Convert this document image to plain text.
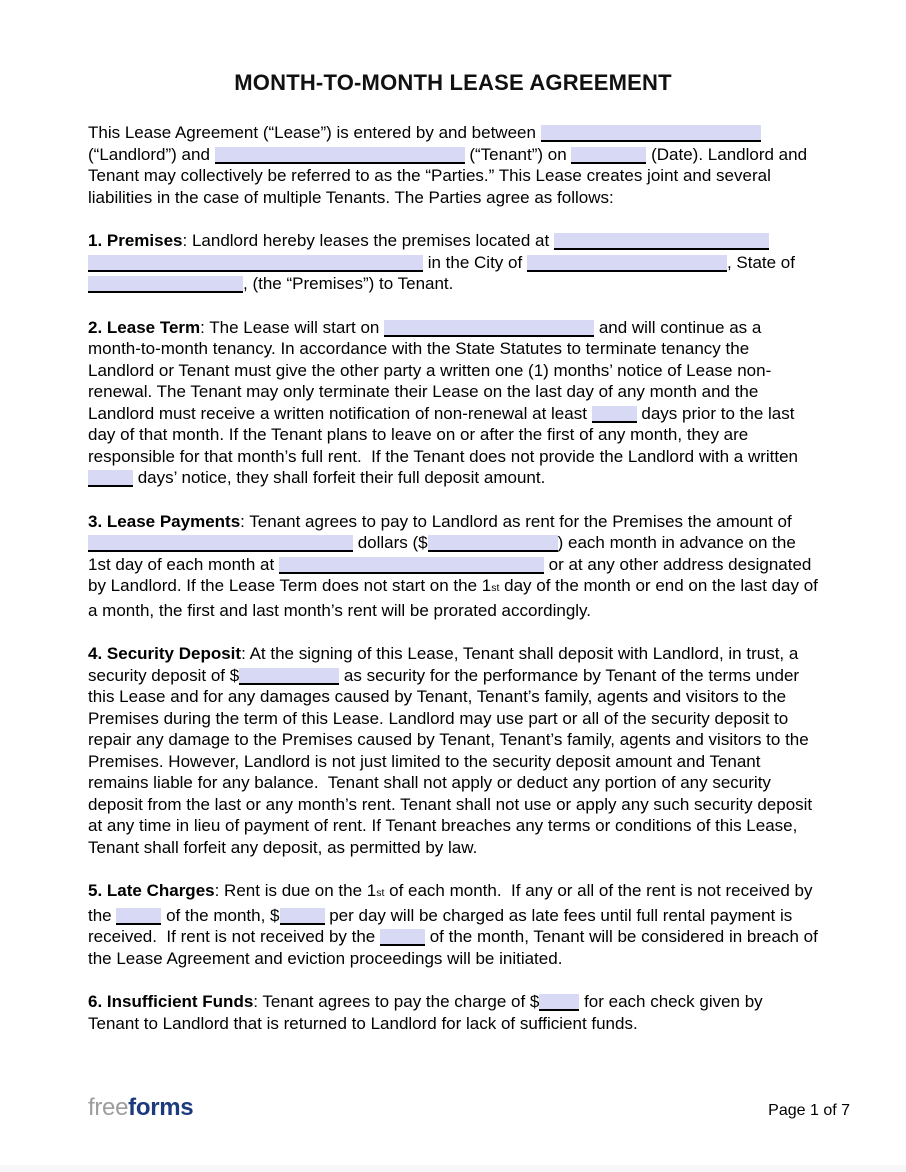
MONTH-TO-MONTH LEASE AGREEMENT

This Lease Agreement (“Lease”) is entered by and between	(“Landlord”) and	(“Tenant”) on	(Date). Landlord and Tenant may collectively be referred to as the “Parties.” This Lease creates joint and several liabilities in the case of multiple Tenants. The Parties agree as follows:

1. Premises: Landlord hereby leases the premises located at   in the City of	, State of , (the “Premises”) to Tenant.

2. Lease Term: The Lease will start on	and will continue as a month-to-month tenancy. In accordance with the State Statutes to terminate tenancy the Landlord or Tenant must give the other party a written one (1) months’ notice of Lease non-renewal. The Tenant may only terminate their Lease on the last day of any month and the Landlord must receive a written notification of non-renewal at least	days prior to the last day of that month. If the Tenant plans to leave on or after the first of any month, they are responsible for that month’s full rent.  If the Tenant does not provide the Landlord with a written  days’ notice, they shall forfeit their full deposit amount.

3. Lease Payments: Tenant agrees to pay to Landlord as rent for the Premises the amount of  dollars ($	) each month in advance on the 1st day of each month at	or at any other address designated by Landlord. If the Lease Term does not start on the 1st day of the month or end on the last day of a month, the first and last month’s rent will be prorated accordingly.

4. Security Deposit: At the signing of this Lease, Tenant shall deposit with Landlord, in trust, a security deposit of $	as security for the performance by Tenant of the terms under this Lease and for any damages caused by Tenant, Tenant’s family, agents and visitors to the Premises during the term of this Lease. Landlord may use part or all of the security deposit to repair any damage to the Premises caused by Tenant, Tenant’s family, agents and visitors to the Premises. However, Landlord is not just limited to the security deposit amount and Tenant remains liable for any balance.  Tenant shall not apply or deduct any portion of any security deposit from the last or any month’s rent. Tenant shall not use or apply any such security deposit at any time in lieu of payment of rent. If Tenant breaches any terms or conditions of this Lease, Tenant shall forfeit any deposit, as permitted by law.

5. Late Charges: Rent is due on the 1st of each month.  If any or all of the rent is not received by the	of the month, $	per day will be charged as late fees until full rental payment is received.  If rent is not received by the	of the month, Tenant will be considered in breach of the Lease Agreement and eviction proceedings will be initiated.

6. Insufficient Funds: Tenant agrees to pay the charge of $ for each check given by Tenant to Landlord that is returned to Landlord for lack of sufficient funds.

freeforms	Page 1 of 7
